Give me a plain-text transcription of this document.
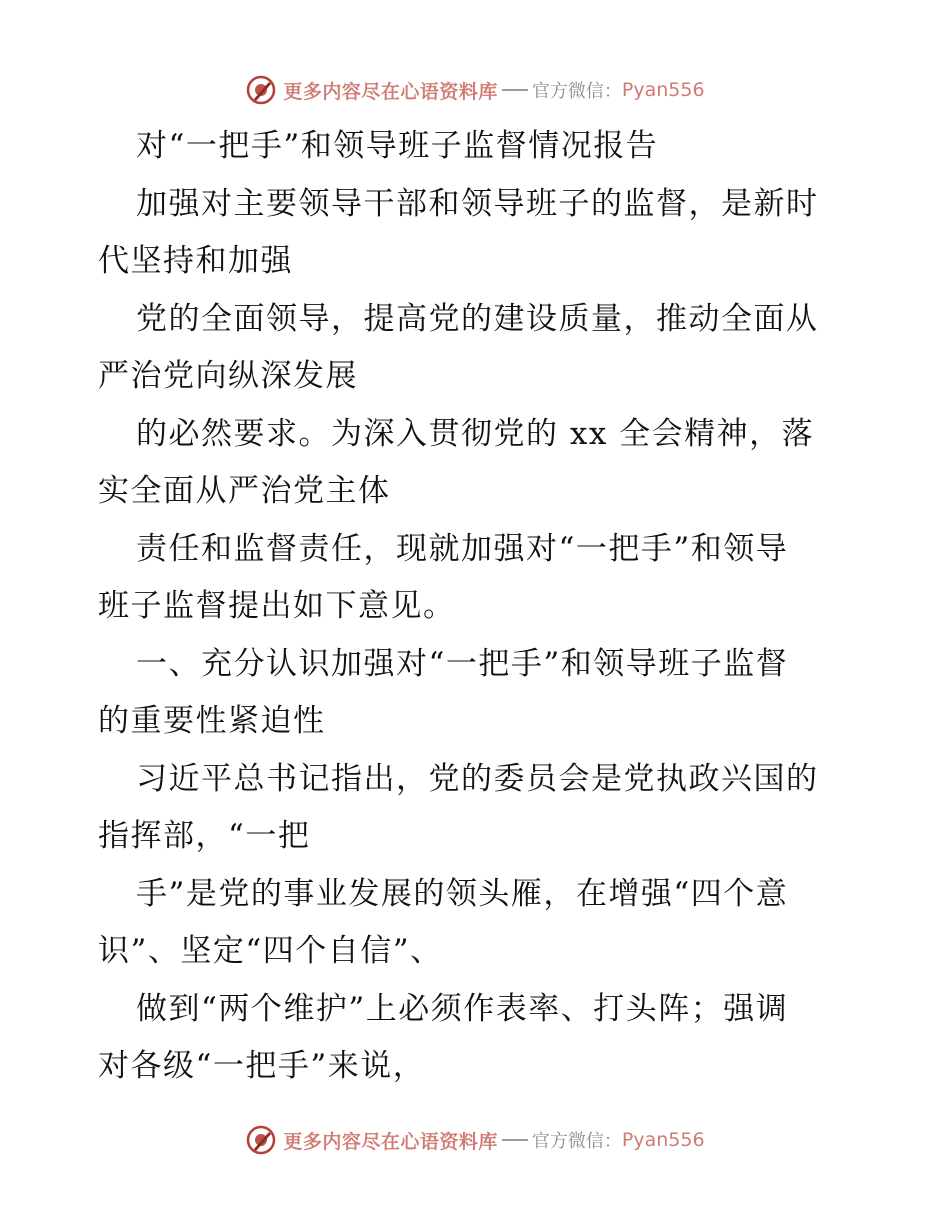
更多内容尽在心语资料库 官方微信： Pyan556
对“一把手”和领导班子监督情况报告
加强对主要领导干部和领导班子的监督，是新时
代坚持和加强
党的全面领导，提高党的建设质量，推动全面从
严治党向纵深发展
的必然要求。为深入贯彻党的 xx 全会精神，落
实全面从严治党主体
责任和监督责任，现就加强对“一把手”和领导
班子监督提出如下意见。
一、充分认识加强对“一把手”和领导班子监督
的重要性紧迫性
习近平总书记指出，党的委员会是党执政兴国的
指挥部，“一把
手”是党的事业发展的领头雁，在增强“四个意
识”、坚定“四个自信”、
做到“两个维护”上必须作表率、打头阵；强调
对各级“一把手”来说，
更多内容尽在心语资料库 官方微信： Pyan556
